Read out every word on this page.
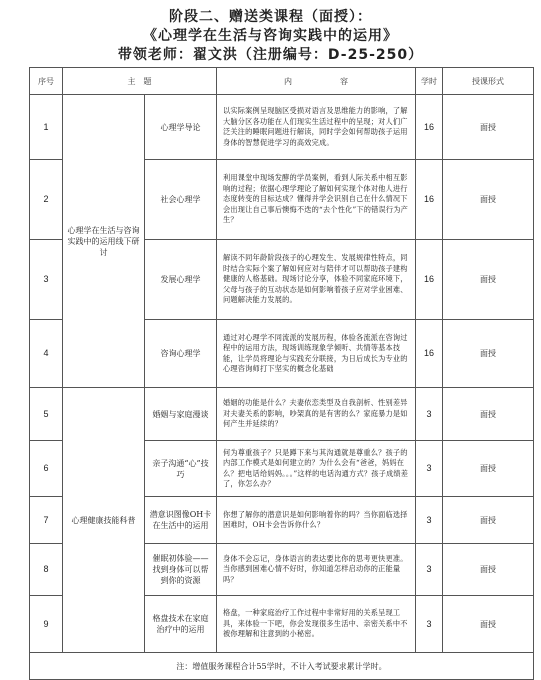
阶段二、赠送类课程（面授）：
《心理学在生活与咨询实践中的运用》
带领老师：翟文洪（注册编号：D-25-250）
序号	主　题		内　　　　　　容	学时	授课形式
1	心理学在生活与咨询实践中的运用线下研讨	心理学导论	以实际案例呈现脑区受损对语言及思维能力的影响，了解大脑分区各功能在人们现实生活过程中的呈现；对人们广泛关注的睡眠问题进行解读，同时学会如何帮助孩子运用身体的智慧促进学习的高效完成。	16	面授
2		社会心理学	利用课堂中现场发酵的学员案例，看到人际关系中相互影响的过程；依据心理学理论了解如何实现个体对他人进行态度转变的目标达成？懂得并学会识别自己在什么情况下会出现让自己事后懊悔不迭的“去个性化”下的错误行为产生？	16	面授
3		发展心理学	解读不同年龄阶段孩子的心理发生、发展规律性特点，同时结合实际个案了解如何应对与陪伴才可以帮助孩子建构健康的人格基础。现场讨论分享，体验不同家庭环境下，父母与孩子的互动状态是如何影响着孩子应对学业困难、问题解决能力发展的。	16	面授
4		咨询心理学	通过对心理学不同流派的发展历程，体验各流派在咨询过程中的运用方法，现场训练现象学倾听、共情等基本技能，让学员将理论与实践充分联接，为日后成长为专业的心理咨询师打下坚实的概念化基础	16	面授
5	心理健康技能科普	婚姻与家庭漫谈	婚姻的功能是什么？夫妻依恋类型及自我剖析、性别差异对夫妻关系的影响，吵架真的是有害的么？家庭暴力是如何产生并延续的？	3	面授
6		亲子沟通“心”技巧	何为尊重孩子？只是蹲下来与其沟通就是尊重么？孩子的内部工作模式是如何建立的？为什么会有“爸爸，妈妈在么？把电话给妈妈。。。”这样的电话沟通方式？孩子成绩差了，你怎么办？	3	面授
7		潜意识图像OH卡在生活中的运用	你想了解你的潜意识是如何影响着你的吗？当你面临选择困难时，OH卡会告诉你什么？	3	面授
8		催眠初体验——找到身体可以帮到你的资源	身体不会忘记，身体语言的表达要比你的思考更快更准。当你感到困难心情不好时，你知道怎样启动你的正能量吗？	3	面授
9		格盘技术在家庭治疗中的运用	格盘，一种家庭治疗工作过程中非常好用的关系呈现工具，来体验一下吧，你会发现很多生活中、亲密关系中不被你理解和注意到的小秘密。	3	面授
注：增值服务课程合计55学时，不计入考试要求累计学时。					
